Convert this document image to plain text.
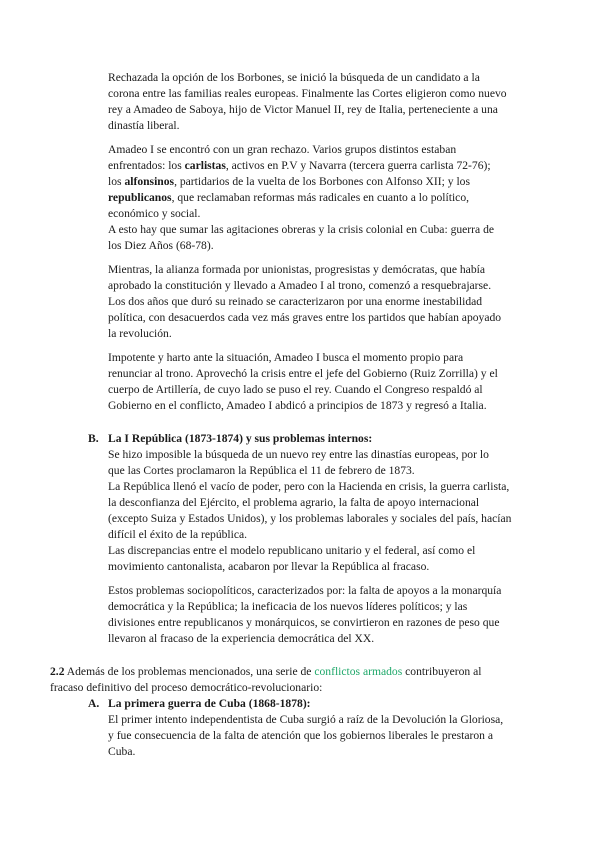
Rechazada la opción de los Borbones, se inició la búsqueda de un candidato a la
corona entre las familias reales europeas. Finalmente las Cortes eligieron como nuevo
rey a Amadeo de Saboya, hijo de Victor Manuel II, rey de Italia, perteneciente a una
dinastía liberal.
Amadeo I se encontró con un gran rechazo. Varios grupos distintos estaban
enfrentados: los carlistas, activos en P.V y Navarra (tercera guerra carlista 72-76);
los alfonsinos, partidarios de la vuelta de los Borbones con Alfonso XII; y los
republicanos, que reclamaban reformas más radicales en cuanto a lo político,
económico y social.
A esto hay que sumar las agitaciones obreras y la crisis colonial en Cuba: guerra de
los Diez Años (68-78).
Mientras, la alianza formada por unionistas, progresistas y demócratas, que había
aprobado la constitución y llevado a Amadeo I al trono, comenzó a resquebrajarse.
Los dos años que duró su reinado se caracterizaron por una enorme inestabilidad
política, con desacuerdos cada vez más graves entre los partidos que habían apoyado
la revolución.
Impotente y harto ante la situación, Amadeo I busca el momento propio para
renunciar al trono. Aprovechó la crisis entre el jefe del Gobierno (Ruiz Zorrilla) y el
cuerpo de Artillería, de cuyo lado se puso el rey. Cuando el Congreso respaldó al
Gobierno en el conflicto, Amadeo I abdicó a principios de 1873 y regresó a Italia.
Se hizo imposible la búsqueda de un nuevo rey entre las dinastías europeas, por lo
que las Cortes proclamaron la República el 11 de febrero de 1873.
La República llenó el vacío de poder, pero con la Hacienda en crisis, la guerra carlista,
la desconfianza del Ejército, el problema agrario, la falta de apoyo internacional
(excepto Suiza y Estados Unidos), y los problemas laborales y sociales del país, hacían
difícil el éxito de la república.
Las discrepancias entre el modelo republicano unitario y el federal, así como el
movimiento cantonalista, acabaron por llevar la República al fracaso.
Estos problemas sociopolíticos, caracterizados por: la falta de apoyos a la monarquía
democrática y la República; la ineficacia de los nuevos líderes políticos; y las
divisiones entre republicanos y monárquicos, se convirtieron en razones de peso que
llevaron al fracaso de la experiencia democrática del XX.
2.2 Además de los problemas mencionados, una serie de conflictos armados contribuyeron al
fracaso definitivo del proceso democrático-revolucionario:
El primer intento independentista de Cuba surgió a raíz de la Devolución la Gloriosa,
y fue consecuencia de la falta de atención que los gobiernos liberales le prestaron a
Cuba.
B. La I República (1873-1874) y sus problemas internos:
A. La primera guerra de Cuba (1868-1878):
